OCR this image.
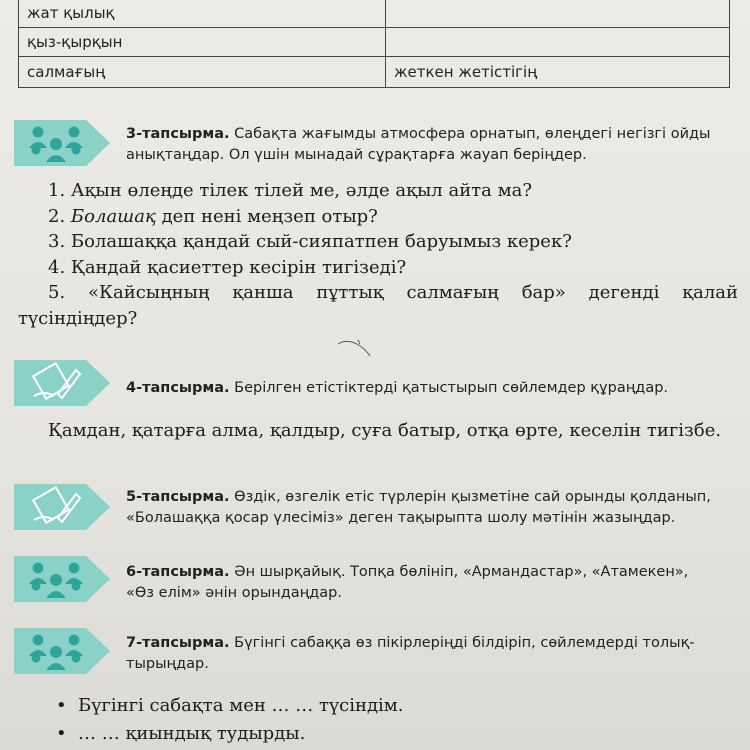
жат қылық	
қыз-қырқын	
салмағың	жеткен жетістігің
3-тапсырма. Сабақта жағымды атмосфера орнатып, өлеңдегі негізгі ойды
анықтаңдар. Ол үшін мынадай сұрақтарға жауап беріңдер.
1. Ақын өлеңде тілек тілей ме, әлде ақыл айта ма?
2. Болашақ деп нені меңзеп отыр?
3. Болашаққа қандай сый-сияпатпен баруымыз керек?
4. Қандай қасиеттер кесірін тигізеді?
5. «Кайсыңның қанша пұттық салмағың бар» дегенді қалай түсіндіңдер?
4-тапсырма. Берілген етістіктерді қатыстырып сөйлемдер құраңдар.
Қамдан, қатарға алма, қалдыр, суға батыр, отқа өрте, кеселін тигізбе.
5-тапсырма. Өздік, өзгелік етіс түрлерін қызметіне сай орынды қолданып,
«Болашаққа қосар үлесіміз» деген тақырыпта шолу мәтінін жазыңдар.
6-тапсырма. Ән шырқайық. Топқа бөлініп, «Армандастар», «Атамекен»,
«Өз елім» әнін орындаңдар.
7-тапсырма. Бүгінгі сабаққа өз пікірлеріңді білдіріп, сөйлемдерді толық-
тырыңдар.
• Бүгінгі сабақта мен … … түсіндім.
• … … қиындық тудырды.
